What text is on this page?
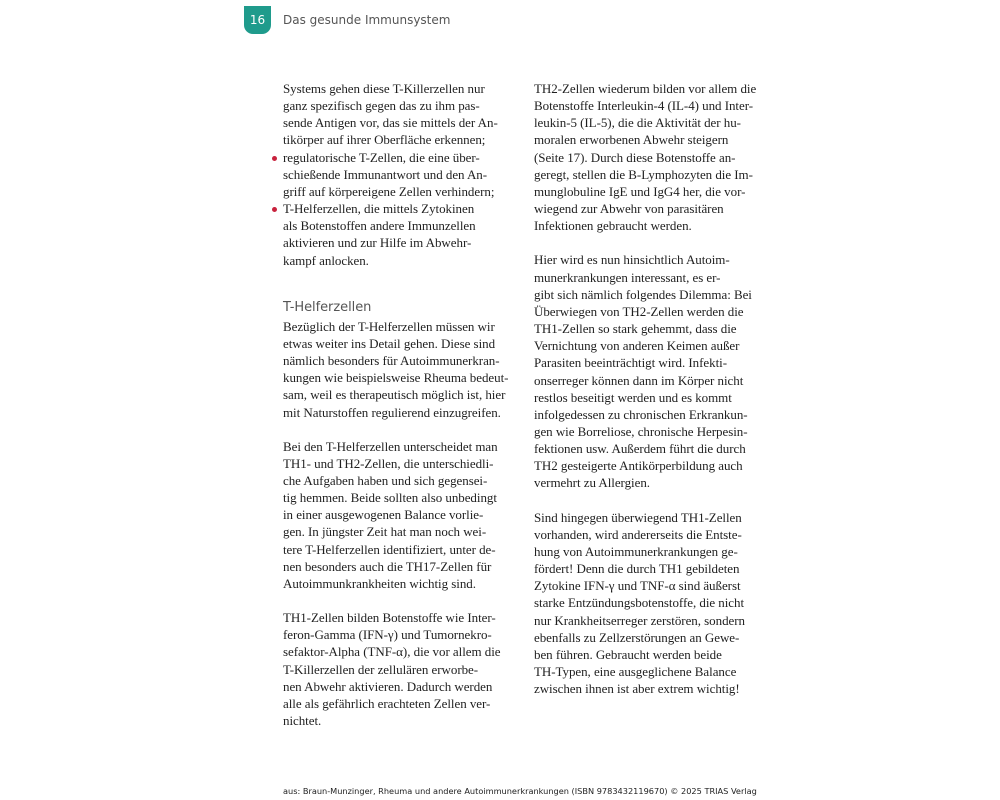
16	Das gesunde Immunsystem

Systems gehen diese T-Killerzellen nur
ganz spezifisch gegen das zu ihm pas-
sende Antigen vor, das sie mittels der An-
tikörper auf ihrer Oberfläche erkennen;

regulatorische T-Zellen, die eine über-
schießende Immunantwort und den An-
griff auf körpereigene Zellen verhindern;
T-Helferzellen, die mittels Zytokinen
als Botenstoffen andere Immunzellen
aktivieren und zur Hilfe im Abwehr-
kampf anlocken.
T-Helferzellen

Bezüglich der T-Helferzellen müssen wir
etwas weiter ins Detail gehen. Diese sind
nämlich besonders für Autoimmunerkran-
kungen wie beispielsweise Rheuma bedeut-
sam, weil es therapeutisch möglich ist, hier
mit Naturstoffen regulierend einzugreifen.

Bei den T-Helferzellen unterscheidet man
TH1- und TH2-Zellen, die unterschiedli-
che Aufgaben haben und sich gegensei-
tig hemmen. Beide sollten also unbedingt
in einer ausgewogenen Balance vorlie-
gen. In jüngster Zeit hat man noch wei-
tere T-Helferzellen identifiziert, unter de-
nen besonders auch die TH17-Zellen für
Autoimmunkrankheiten wichtig sind.

TH1-Zellen bilden Botenstoffe wie Inter-
feron-Gamma (IFN-γ) und Tumornekro-
sefaktor-Alpha (TNF-α), die vor allem die
T-Killerzellen der zellulären erworbe-
nen Abwehr aktivieren. Dadurch werden
alle als gefährlich erachteten Zellen ver-
nichtet.

TH2-Zellen wiederum bilden vor allem die
Botenstoffe Interleukin-4 (IL-4) und Inter-
leukin-5 (IL-5), die die Aktivität der hu-
moralen erworbenen Abwehr steigern
(Seite 17). Durch diese Botenstoffe an-
geregt, stellen die B-Lymphozyten die Im-
munglobuline IgE und IgG4 her, die vor-
wiegend zur Abwehr von parasitären
Infektionen gebraucht werden.

Hier wird es nun hinsichtlich Autoim-
munerkrankungen interessant, es er-
gibt sich nämlich folgendes Dilemma: Bei
Überwiegen von TH2-Zellen werden die
TH1-Zellen so stark gehemmt, dass die
Vernichtung von anderen Keimen außer
Parasiten beeinträchtigt wird. Infekti-
onserreger können dann im Körper nicht
restlos beseitigt werden und es kommt
infolgedessen zu chronischen Erkrankun-
gen wie Borreliose, chronische Herpesin-
fektionen usw. Außerdem führt die durch
TH2 gesteigerte Antikörperbildung auch
vermehrt zu Allergien.

Sind hingegen überwiegend TH1-Zellen
vorhanden, wird andererseits die Entste-
hung von Autoimmunerkrankungen ge-
fördert! Denn die durch TH1 gebildeten
Zytokine IFN-γ und TNF-α sind äußerst
starke Entzündungsbotenstoffe, die nicht
nur Krankheitserreger zerstören, sondern
ebenfalls zu Zellzerstörungen an Gewe-
ben führen. Gebraucht werden beide
TH-Typen, eine ausgeglichene Balance
zwischen ihnen ist aber extrem wichtig!

aus: Braun-Munzinger, Rheuma und andere Autoimmunerkrankungen (ISBN 9783432119670) © 2025 TRIAS Verlag
